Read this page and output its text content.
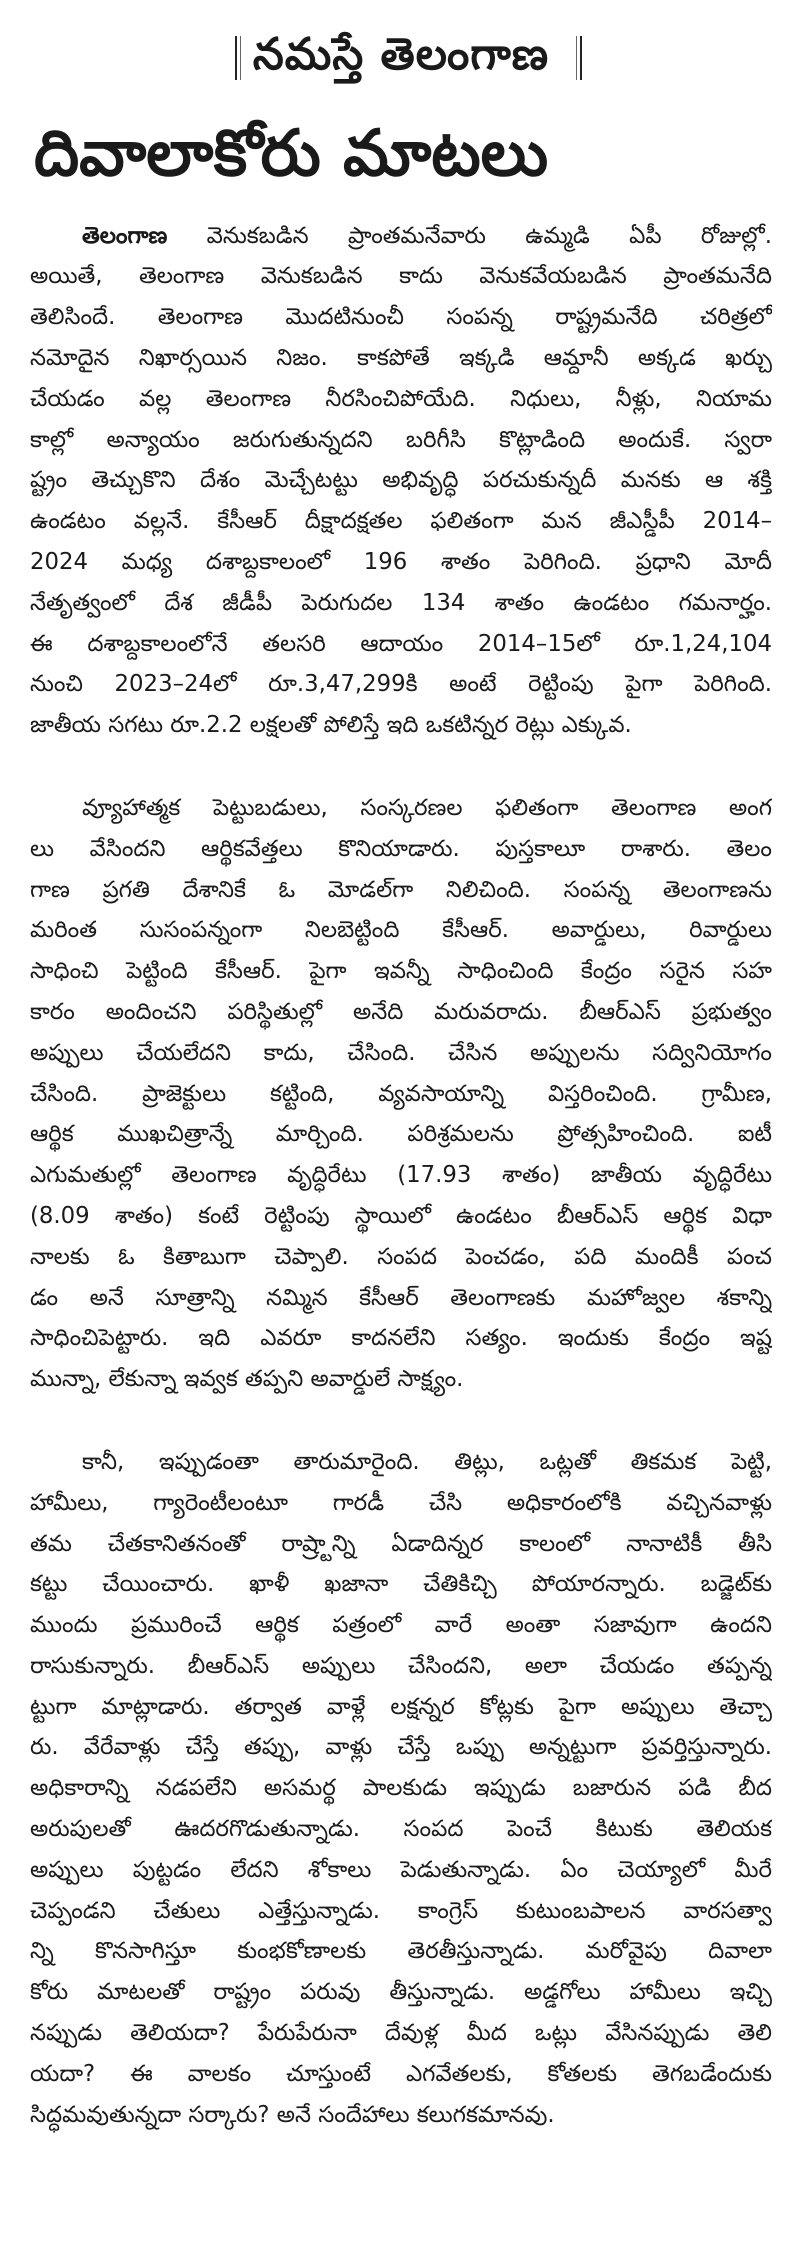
నమస్తే తెలంగాణ
దివాలాకోరు మాటలు
తెలంగాణ వెనుకబడిన ప్రాంతమనేవారు ఉమ్మడి ఏపీ రోజుల్లో.
అయితే, తెలంగాణ వెనుకబడిన కాదు వెనుకవేయబడిన ప్రాంతమనేది
తెలిసిందే. తెలంగాణ మొదటినుంచీ సంపన్న రాష్ట్రమనేది చరిత్రలో
నమోదైన నిఖార్సయిన నిజం. కాకపోతే ఇక్కడి ఆమ్దానీ అక్కడ ఖర్చు
చేయడం వల్ల తెలంగాణ నీరసించిపోయేది. నిధులు, నీళ్లు, నియామ
కాల్లో అన్యాయం జరుగుతున్నదని బరిగీసి కొట్లాడింది అందుకే. స్వరా
ష్ట్రం తెచ్చుకొని దేశం మెచ్చేటట్టు అభివృద్ధి పరచుకున్నదీ మనకు ఆ శక్తి
ఉండటం వల్లనే. కేసీఆర్ దీక్షాదక్షతల ఫలితంగా మన జీఎస్డీపీ 2014–
2024 మధ్య దశాబ్దకాలంలో 196 శాతం పెరిగింది. ప్రధాని మోదీ
నేతృత్వంలో దేశ జీడీపీ పెరుగుదల 134 శాతం ఉండటం గమనార్హం.
ఈ దశాబ్దకాలంలోనే తలసరి ఆదాయం 2014–15లో రూ.1,24,104
నుంచి 2023–24లో రూ.3,47,299కి అంటే రెట్టింపు పైగా పెరిగింది.
జాతీయ సగటు రూ.2.2 లక్షలతో పోలిస్తే ఇది ఒకటిన్నర రెట్లు ఎక్కువ.
వ్యూహాత్మక పెట్టుబడులు, సంస్కరణల ఫలితంగా తెలంగాణ అంగ
లు వేసిందని ఆర్థికవేత్తలు కొనియాడారు. పుస్తకాలూ రాశారు. తెలం
గాణ ప్రగతి దేశానికే ఓ మోడల్‌గా నిలిచింది. సంపన్న తెలంగాణను
మరింత సుసంపన్నంగా నిలబెట్టింది కేసీఆర్. అవార్డులు, రివార్డులు
సాధించి పెట్టింది కేసీఆర్. పైగా ఇవన్నీ సాధించింది కేంద్రం సరైన సహ
కారం అందించని పరిస్థితుల్లో అనేది మరువరాదు. బీఆర్ఎస్ ప్రభుత్వం
అప్పులు చేయలేదని కాదు, చేసింది. చేసిన అప్పులను సద్వినియోగం
చేసింది. ప్రాజెక్టులు కట్టింది, వ్యవసాయాన్ని విస్తరించింది. గ్రామీణ,
ఆర్థిక ముఖచిత్రాన్నే మార్చింది. పరిశ్రమలను ప్రోత్సహించింది. ఐటీ
ఎగుమతుల్లో తెలంగాణ వృద్ధిరేటు (17.93 శాతం) జాతీయ వృద్ధిరేటు
(8.09 శాతం) కంటే రెట్టింపు స్థాయిలో ఉండటం బీఆర్ఎస్ ఆర్థిక విధా
నాలకు ఓ కితాబుగా చెప్పాలి. సంపద పెంచడం, పది మందికీ పంచ
డం అనే సూత్రాన్ని నమ్మిన కేసీఆర్ తెలంగాణకు మహోజ్వల శకాన్ని
సాధించిపెట్టారు. ఇది ఎవరూ కాదనలేని సత్యం. ఇందుకు కేంద్రం ఇష్ట
మున్నా, లేకున్నా ఇవ్వక తప్పని అవార్డులే సాక్ష్యం.
కానీ, ఇప్పుడంతా తారుమారైంది. తిట్లు, ఒట్లతో తికమక పెట్టి,
హామీలు, గ్యారెంటీలంటూ గారడీ చేసి అధికారంలోకి వచ్చినవాళ్లు
తమ చేతకానితనంతో రాష్ర్టాన్ని ఏడాదిన్నర కాలంలో నానాటికీ తీసి
కట్టు చేయించారు. ఖాళీ ఖజానా చేతికిచ్చి పోయారన్నారు. బడ్జెట్‌కు
ముందు ప్రమురించే ఆర్థిక పత్రంలో వారే అంతా సజావుగా ఉందని
రాసుకున్నారు. బీఆర్ఎస్ అప్పులు చేసిందని, అలా చేయడం తప్పన్న
ట్టుగా మాట్లాడారు. తర్వాత వాళ్లే లక్షన్నర కోట్లకు పైగా అప్పులు తెచ్చా
రు. వేరేవాళ్లు చేస్తే తప్పు, వాళ్లు చేస్తే ఒప్పు అన్నట్టుగా ప్రవర్తిస్తున్నారు.
అధికారాన్ని నడపలేని అసమర్థ పాలకుడు ఇప్పుడు బజారున పడి బీద
అరుపులతో ఊదరగొడుతున్నాడు. సంపద పెంచే కిటుకు తెలియక
అప్పులు పుట్టడం లేదని శోకాలు పెడుతున్నాడు. ఏం చెయ్యాలో మీరే
చెప్పండని చేతులు ఎత్తేస్తున్నాడు. కాంగ్రెస్ కుటుంబపాలన వారసత్వా
న్ని కొనసాగిస్తూ కుంభకోణాలకు తెరతీస్తున్నాడు. మరోవైపు దివాలా
కోరు మాటలతో రాష్ట్రం పరువు తీస్తున్నాడు. అడ్డగోలు హామీలు ఇచ్చి
నప్పుడు తెలియదా? పేరుపేరునా దేవుళ్ల మీద ఒట్లు వేసినప్పుడు తెలి
యదా? ఈ వాలకం చూస్తుంటే ఎగవేతలకు, కోతలకు తెగబడేందుకు
సిద్ధమవుతున్నదా సర్కారు? అనే సందేహాలు కలుగకమానవు.
